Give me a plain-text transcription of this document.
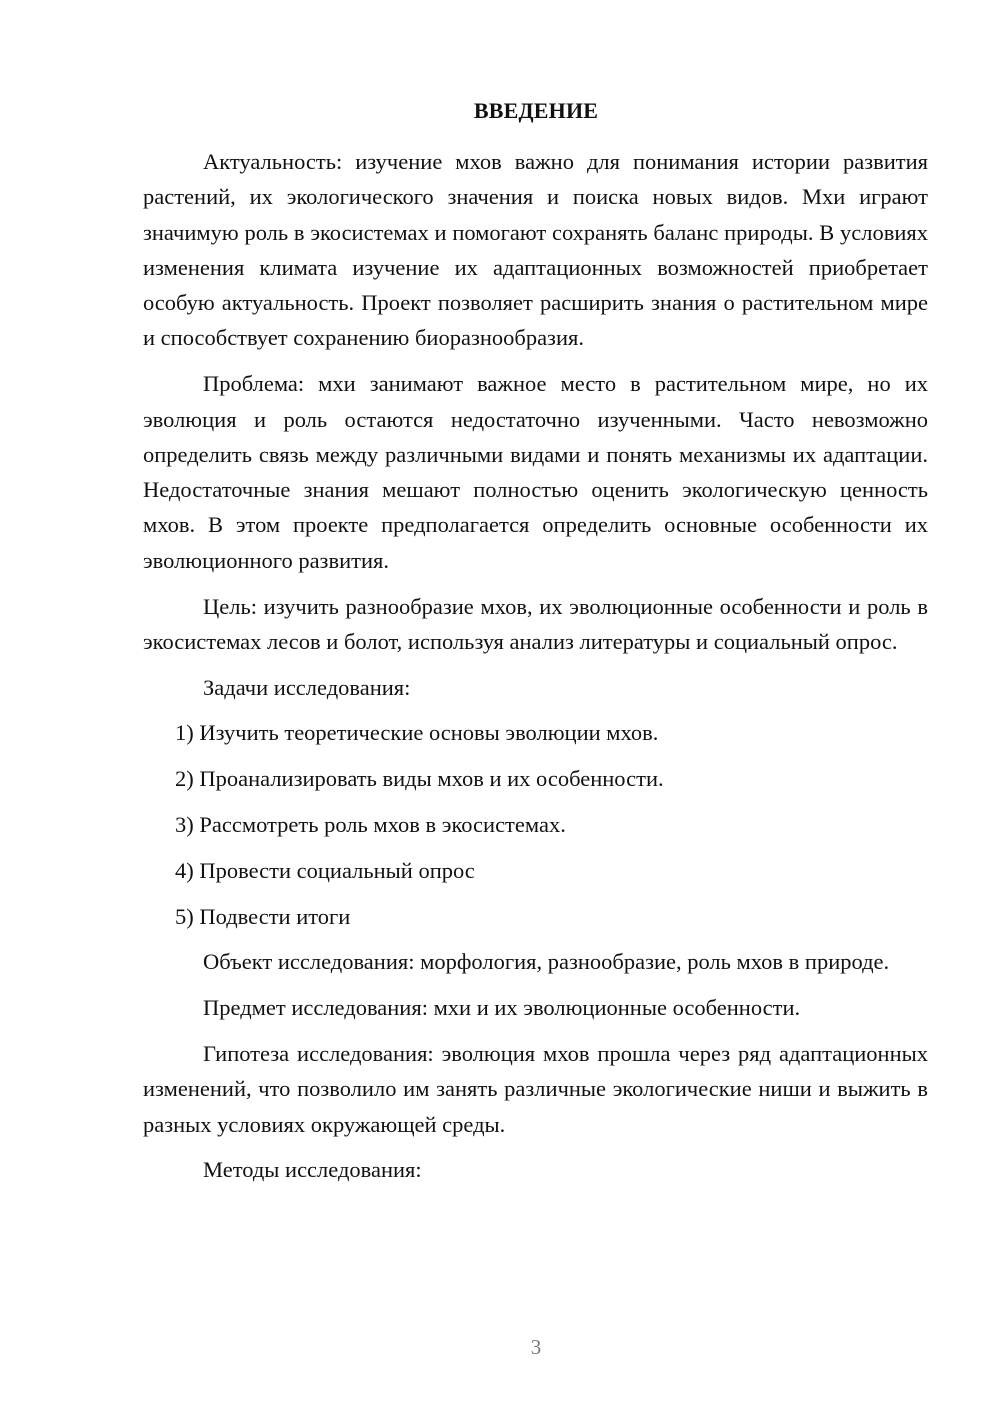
ВВЕДЕНИЕ

Актуальность: изучение мхов важно для понимания истории развития растений, их экологического значения и поиска новых видов. Мхи играют значимую роль в экосистемах и помогают сохранять баланс природы. В условиях изменения климата изучение их адаптационных возможностей приобретает особую актуальность. Проект позволяет расширить знания о растительном мире и способствует сохранению биоразнообразия.

Проблема: мхи занимают важное место в растительном мире, но их эволюция и роль остаются недостаточно изученными. Часто невозможно определить связь между различными видами и понять механизмы их адаптации. Недостаточные знания мешают полностью оценить экологическую ценность мхов. В этом проекте предполагается определить основные особенности их эволюционного развития.

Цель: изучить разнообразие мхов, их эволюционные особенности и роль в экосистемах лесов и болот, используя анализ литературы и социальный опрос.

Задачи исследования:

1) Изучить теоретические основы эволюции мхов.

2) Проанализировать виды мхов и их особенности.

3) Рассмотреть роль мхов в экосистемах.

4) Провести социальный опрос

5) Подвести итоги

Объект исследования: морфология, разнообразие, роль мхов в природе.

Предмет исследования: мхи и их эволюционные особенности.

Гипотеза исследования: эволюция мхов прошла через ряд адаптационных изменений, что позволило им занять различные экологические ниши и выжить в разных условиях окружающей среды.

Методы исследования:

3
